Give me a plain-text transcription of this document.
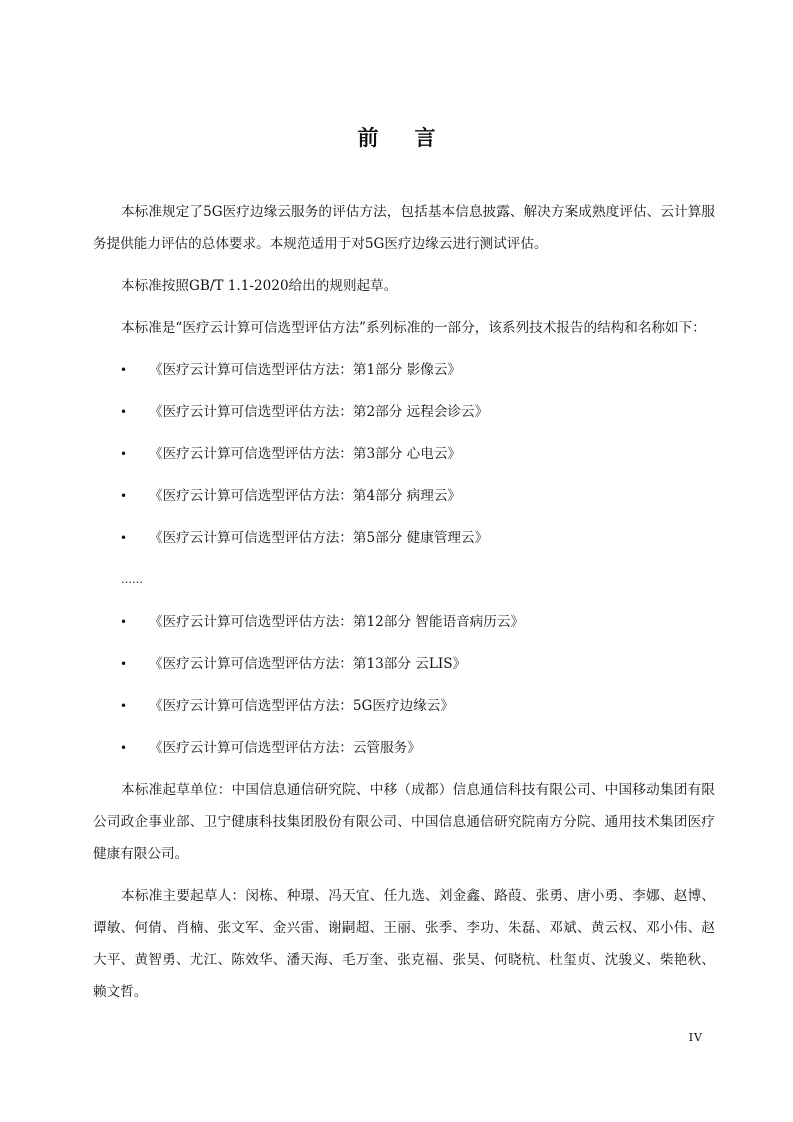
前言

本标准规定了5G医疗边缘云服务的评估方法，包括基本信息披露、解决方案成熟度评估、云计算服务提供能力评估的总体要求。本规范适用于对5G医疗边缘云进行测试评估。

本标准按照GB/T 1.1-2020给出的规则起草。

本标准是“医疗云计算可信选型评估方法”系列标准的一部分，该系列技术报告的结构和名称如下：

• 《医疗云计算可信选型评估方法：第1部分 影像云》
• 《医疗云计算可信选型评估方法：第2部分 远程会诊云》
• 《医疗云计算可信选型评估方法：第3部分 心电云》
• 《医疗云计算可信选型评估方法：第4部分 病理云》
• 《医疗云计算可信选型评估方法：第5部分 健康管理云》
……
• 《医疗云计算可信选型评估方法：第12部分 智能语音病历云》
• 《医疗云计算可信选型评估方法：第13部分 云LIS》
• 《医疗云计算可信选型评估方法：5G医疗边缘云》
• 《医疗云计算可信选型评估方法：云管服务》

本标准起草单位：中国信息通信研究院、中移（成都）信息通信科技有限公司、中国移动集团有限公司政企事业部、卫宁健康科技集团股份有限公司、中国信息通信研究院南方分院、通用技术集团医疗健康有限公司。

本标准主要起草人：闵栋、种璟、冯天宜、任九选、刘金鑫、路葭、张勇、唐小勇、李娜、赵博、谭敏、何倩、肖楠、张文军、金兴雷、谢嗣超、王丽、张季、李功、朱磊、邓斌、黄云权、邓小伟、赵大平、黄智勇、尤江、陈效华、潘天海、毛万奎、张克福、张昊、何晓杭、杜玺贞、沈骏义、柴艳秋、赖文哲。

IV
